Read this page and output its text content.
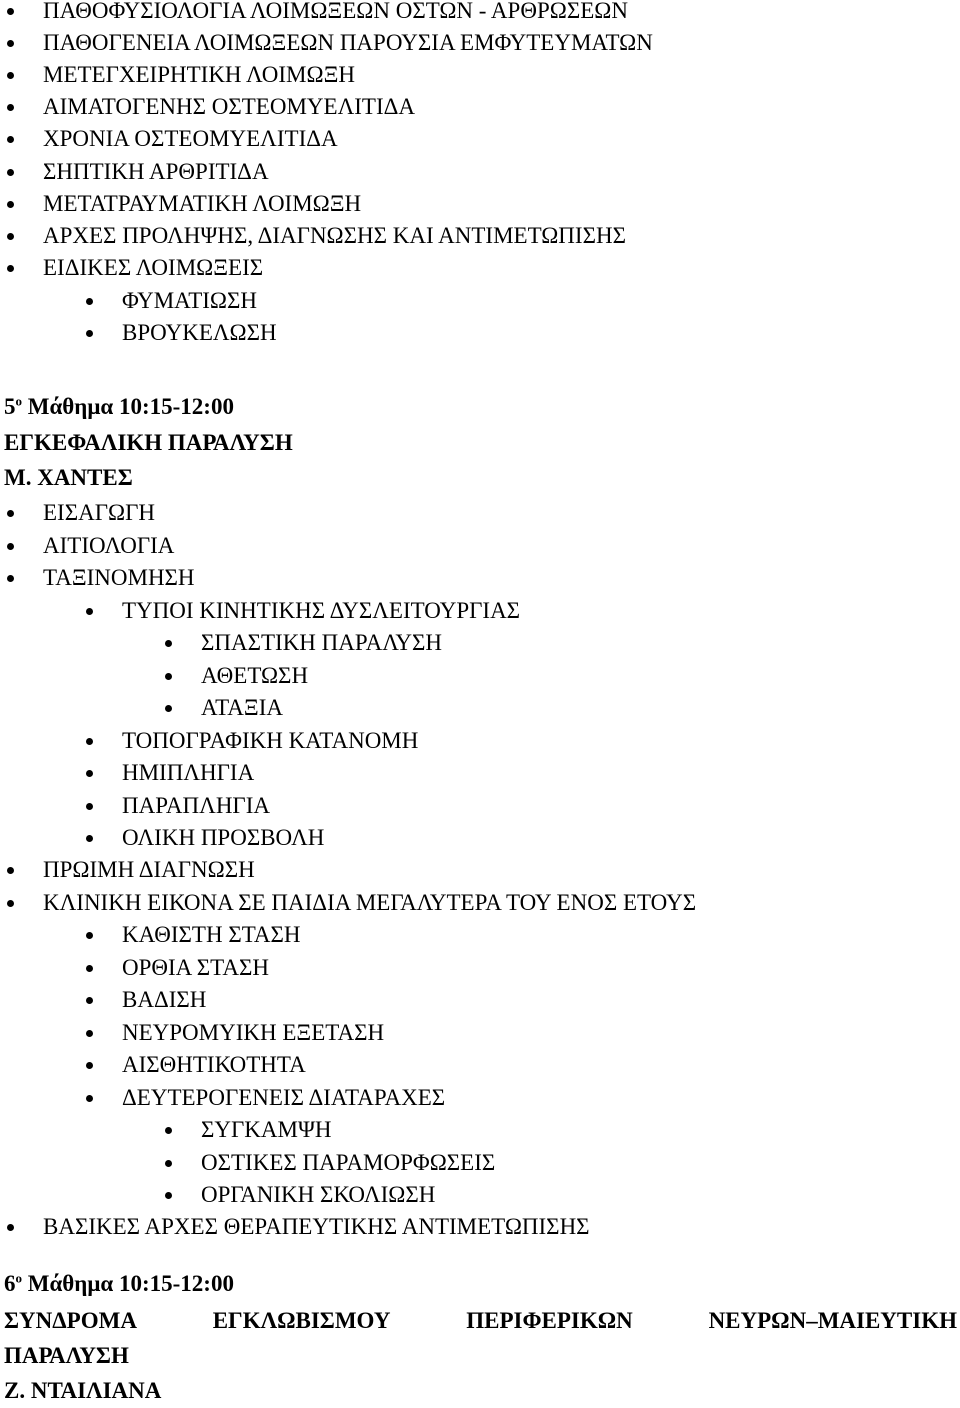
ΠΑΘΟΦΥΣΙΟΛΟΓΙΑ ΛΟΙΜΩΞΕΩΝ ΟΣΤΩΝ - ΑΡΘΡΩΣΕΩΝ
ΠΑΘΟΓΕΝΕΙΑ ΛΟΙΜΩΞΕΩΝ ΠΑΡΟΥΣΙΑ ΕΜΦΥΤΕΥΜΑΤΩΝ
ΜΕΤΕΓΧΕΙΡΗΤΙΚΗ ΛΟΙΜΩΞΗ
ΑΙΜΑΤΟΓΕΝΗΣ ΟΣΤΕΟΜΥΕΛΙΤΙΔΑ
ΧΡΟΝΙΑ ΟΣΤΕΟΜΥΕΛΙΤΙΔΑ
ΣΗΠΤΙΚΗ ΑΡΘΡΙΤΙΔΑ
ΜΕΤΑΤΡΑΥΜΑΤΙΚΗ ΛΟΙΜΩΞΗ
ΑΡΧΕΣ ΠΡΟΛΗΨΗΣ, ΔΙΑΓΝΩΣΗΣ ΚΑΙ ΑΝΤΙΜΕΤΩΠΙΣΗΣ
ΕΙΔΙΚΕΣ ΛΟΙΜΩΞΕΙΣ
ΦΥΜΑΤΙΩΣΗ
ΒΡΟΥΚΕΛΩΣΗ
$5^o$ Μάθημα 10:15-12:00
ΕΓΚΕΦΑΛΙΚΗ ΠΑΡΑΛΥΣΗ
Μ. ΧΑΝΤΕΣ
ΕΙΣΑΓΩΓΗ
ΑΙΤΙΟΛΟΓΙΑ
ΤΑΞΙΝΟΜΗΣΗ
ΤΥΠΟΙ ΚΙΝΗΤΙΚΗΣ ΔΥΣΛΕΙΤΟΥΡΓΙΑΣ
ΣΠΑΣΤΙΚΗ ΠΑΡΑΛΥΣΗ
ΑΘΕΤΩΣΗ
ΑΤΑΞΙΑ
ΤΟΠΟΓΡΑΦΙΚΗ ΚΑΤΑΝΟΜΗ
ΗΜΙΠΛΗΓΙΑ
ΠΑΡΑΠΛΗΓΙΑ
ΟΛΙΚΗ ΠΡΟΣΒΟΛΗ
ΠΡΩΙΜΗ ΔΙΑΓΝΩΣΗ
ΚΛΙΝΙΚΗ ΕΙΚΟΝΑ ΣΕ ΠΑΙΔΙΑ ΜΕΓΑΛΥΤΕΡΑ ΤΟΥ ΕΝΟΣ ΕΤΟΥΣ
ΚΑΘΙΣΤΗ ΣΤΑΣΗ
ΟΡΘΙΑ ΣΤΑΣΗ
ΒΑΔΙΣΗ
ΝΕΥΡΟΜΥΙΚΗ ΕΞΕΤΑΣΗ
ΑΙΣΘΗΤΙΚΟΤΗΤΑ
ΔΕΥΤΕΡΟΓΕΝΕΙΣ ΔΙΑΤΑΡΑΧΕΣ
ΣΥΓΚΑΜΨΗ
ΟΣΤΙΚΕΣ ΠΑΡΑΜΟΡΦΩΣΕΙΣ
ΟΡΓΑΝΙΚΗ ΣΚΟΛΙΩΣΗ
ΒΑΣΙΚΕΣ ΑΡΧΕΣ ΘΕΡΑΠΕΥΤΙΚΗΣ ΑΝΤΙΜΕΤΩΠΙΣΗΣ
$6^o$ Μάθημα 10:15-12:00
ΣΥΝΔΡΟΜΑ	ΕΓΚΛΩΒΙΣΜΟΥ	ΠΕΡΙΦΕΡΙΚΩΝ	ΝΕΥΡΩΝ–ΜΑΙΕΥΤΙΚΗ
ΠΑΡΑΛΥΣΗ
Ζ. ΝΤΑΙΛΙΑΝΑ
